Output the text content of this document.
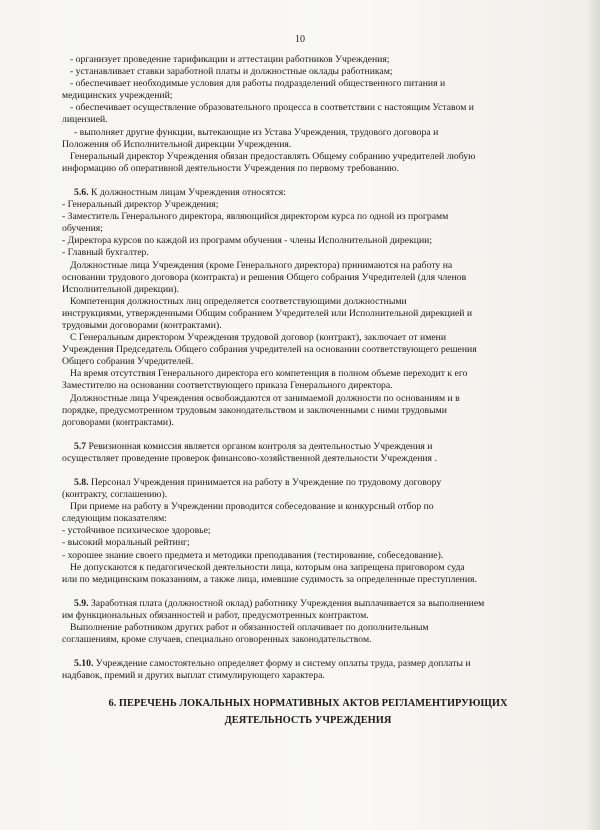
10
- организует проведение тарификации и аттестации работников Учреждения;
- устанавливает ставки заработной платы и должностные оклады работникам;
- обеспечивает необходимые условия для работы подразделений общественного питания и
медицинских учреждений;
- обеспечивает осуществление образовательного процесса в соответствии с настоящим Уставом и
лицензией.
- выполняет другие функции, вытекающие из Устава Учреждения, трудового договора и
Положения об Исполнительной дирекции Учреждения.
Генеральный директор Учреждения обязан предоставлять Общему собранию учредителей любую
информацию об оперативной деятельности Учреждения по первому требованию.
5.6. К должностным лицам Учреждения относятся:
- Генеральный директор Учреждения;
- Заместитель Генерального директора, являющийся директором курса по одной из программ
обучения;
- Директора курсов по каждой из программ обучения - члены Исполнительной дирекции;
- Главный бухгалтер.
Должностные лица Учреждения (кроме Генерального директора) принимаются на работу на
основании трудового договора (контракта) и решения Общего собрания Учредителей (для членов
Исполнительной дирекции).
Компетенция должностных лиц определяется соответствующими должностными
инструкциями, утвержденными Общим собранием Учредителей или Исполнительной дирекцией и
трудовыми договорами (контрактами).
С Генеральным директором Учреждения трудовой договор (контракт), заключает от имени
Учреждения Председатель Общего собрания учредителей на основании соответствующего решения
Общего собрания Учредителей.
На время отсутствия Генерального директора его компетенция в полном объеме переходит к его
Заместителю на основании соответствующего приказа Генерального директора.
Должностные лица Учреждения освобождаются от занимаемой должности по основаниям и в
порядке, предусмотренном трудовым законодательством и заключенными с ними трудовыми
договорами (контрактами).
5.7 Ревизионная комиссия является органом контроля за деятельностью Учреждения и
осуществляет проведение проверок финансово-хозяйственной деятельности Учреждения .
5.8. Персонал Учреждения принимается на работу в Учреждение по трудовому договору
(контракту, соглашению).
При приеме на работу в Учреждении проводится собеседование и конкурсный отбор по
следующим показателям:
- устойчивое психическое здоровье;
- высокий моральный рейтинг;
- хорошее знание своего предмета и методики преподавания (тестирование, собеседование).
Не допускаются к педагогической деятельности лица, которым она запрещена приговором суда
или по медицинским показаниям, а также лица, имевшие судимость за определенные преступления.
5.9. Заработная плата (должностной оклад) работнику Учреждения выплачивается за выполнением
им функциональных обязанностей и работ, предусмотренных контрактом.
Выполнение работником других работ и обязанностей оплачивает по дополнительным
соглашениям, кроме случаев, специально оговоренных законодательством.
5.10. Учреждение самостоятельно определяет форму и систему оплаты труда, размер доплаты и
надбавок, премий и других выплат стимулирующего характера.
6. ПЕРЕЧЕНЬ ЛОКАЛЬНЫХ НОРМАТИВНЫХ АКТОВ РЕГЛАМЕНТИРУЮЩИХ
ДЕЯТЕЛЬНОСТЬ УЧРЕЖДЕНИЯ
